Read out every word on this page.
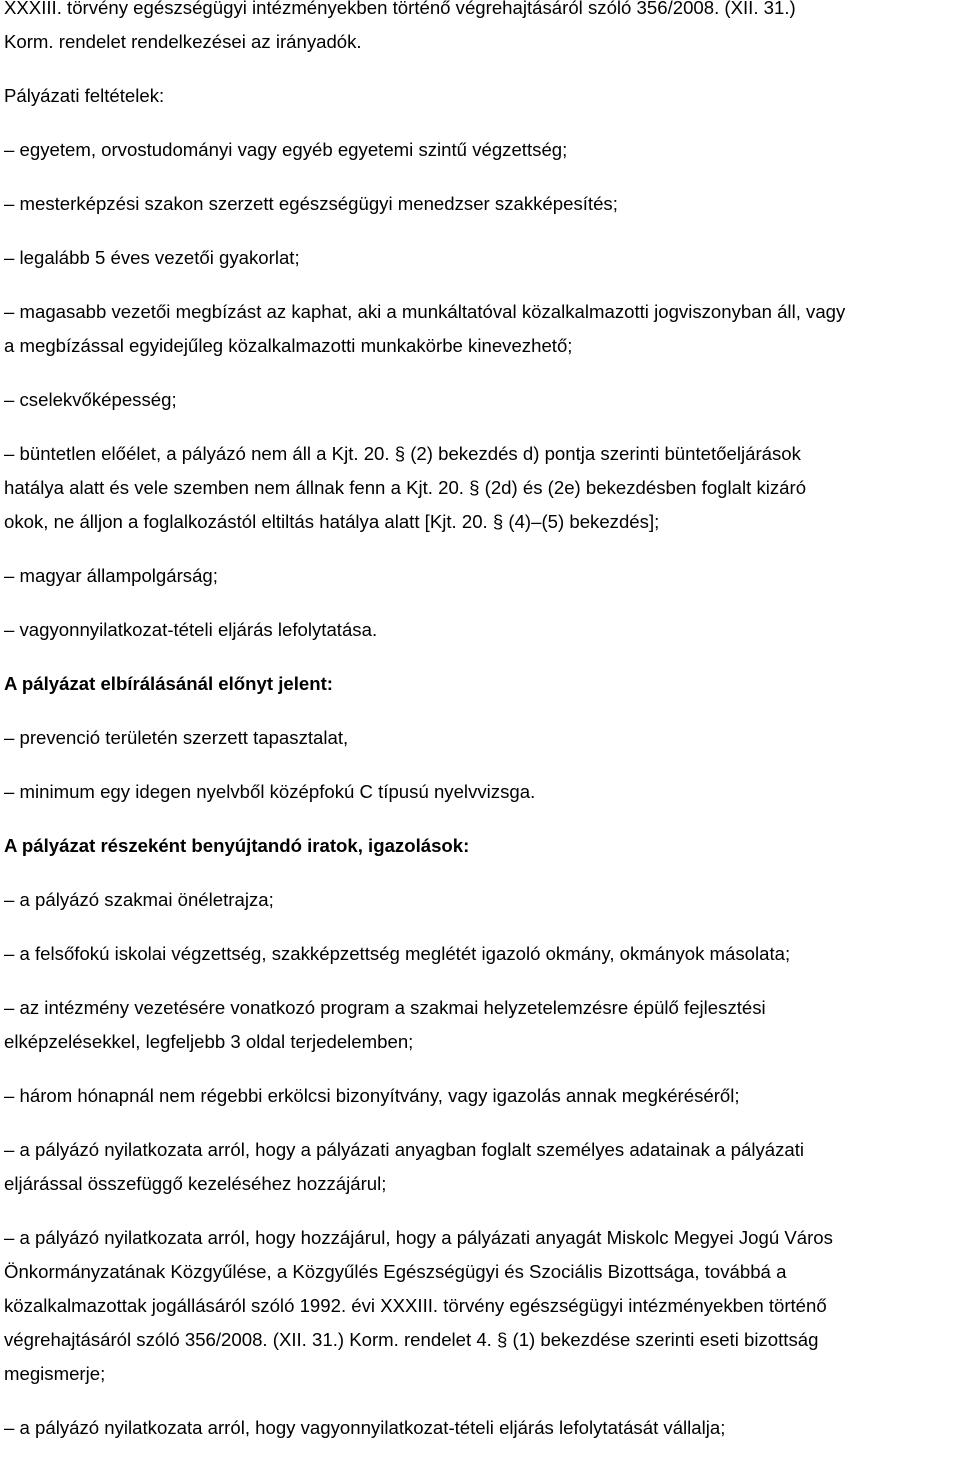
XXXIII. törvény egészségügyi intézményekben történő végrehajtásáról szóló 356/2008. (XII. 31.)

Korm. rendelet rendelkezései az irányadók.

Pályázati feltételek:

– egyetem, orvostudományi vagy egyéb egyetemi szintű végzettség;

– mesterképzési szakon szerzett egészségügyi menedzser szakképesítés;

– legalább 5 éves vezetői gyakorlat;

– magasabb vezetői megbízást az kaphat, aki a munkáltatóval közalkalmazotti jogviszonyban áll, vagy

a megbízással egyidejűleg közalkalmazotti munkakörbe kinevezhető;

– cselekvőképesség;

– büntetlen előélet, a pályázó nem áll a Kjt. 20. § (2) bekezdés d) pontja szerinti büntetőeljárások

hatálya alatt és vele szemben nem állnak fenn a Kjt. 20. § (2d) és (2e) bekezdésben foglalt kizáró

okok, ne álljon a foglalkozástól eltiltás hatálya alatt [Kjt. 20. § (4)–(5) bekezdés];

– magyar állampolgárság;

– vagyonnyilatkozat-tételi eljárás lefolytatása.

A pályázat elbírálásánál előnyt jelent:

– prevenció területén szerzett tapasztalat,

– minimum egy idegen nyelvből középfokú C típusú nyelvvizsga.

A pályázat részeként benyújtandó iratok, igazolások:

– a pályázó szakmai önéletrajza;

– a felsőfokú iskolai végzettség, szakképzettség meglétét igazoló okmány, okmányok másolata;

– az intézmény vezetésére vonatkozó program a szakmai helyzetelemzésre épülő fejlesztési

elképzelésekkel, legfeljebb 3 oldal terjedelemben;

– három hónapnál nem régebbi erkölcsi bizonyítvány, vagy igazolás annak megkéréséről;

– a pályázó nyilatkozata arról, hogy a pályázati anyagban foglalt személyes adatainak a pályázati

eljárással összefüggő kezeléséhez hozzájárul;

– a pályázó nyilatkozata arról, hogy hozzájárul, hogy a pályázati anyagát Miskolc Megyei Jogú Város

Önkormányzatának Közgyűlése, a Közgyűlés Egészségügyi és Szociális Bizottsága, továbbá a

közalkalmazottak jogállásáról szóló 1992. évi XXXIII. törvény egészségügyi intézményekben történő

végrehajtásáról szóló 356/2008. (XII. 31.) Korm. rendelet 4. § (1) bekezdése szerinti eseti bizottság

megismerje;

– a pályázó nyilatkozata arról, hogy vagyonnyilatkozat-tételi eljárás lefolytatását vállalja;
